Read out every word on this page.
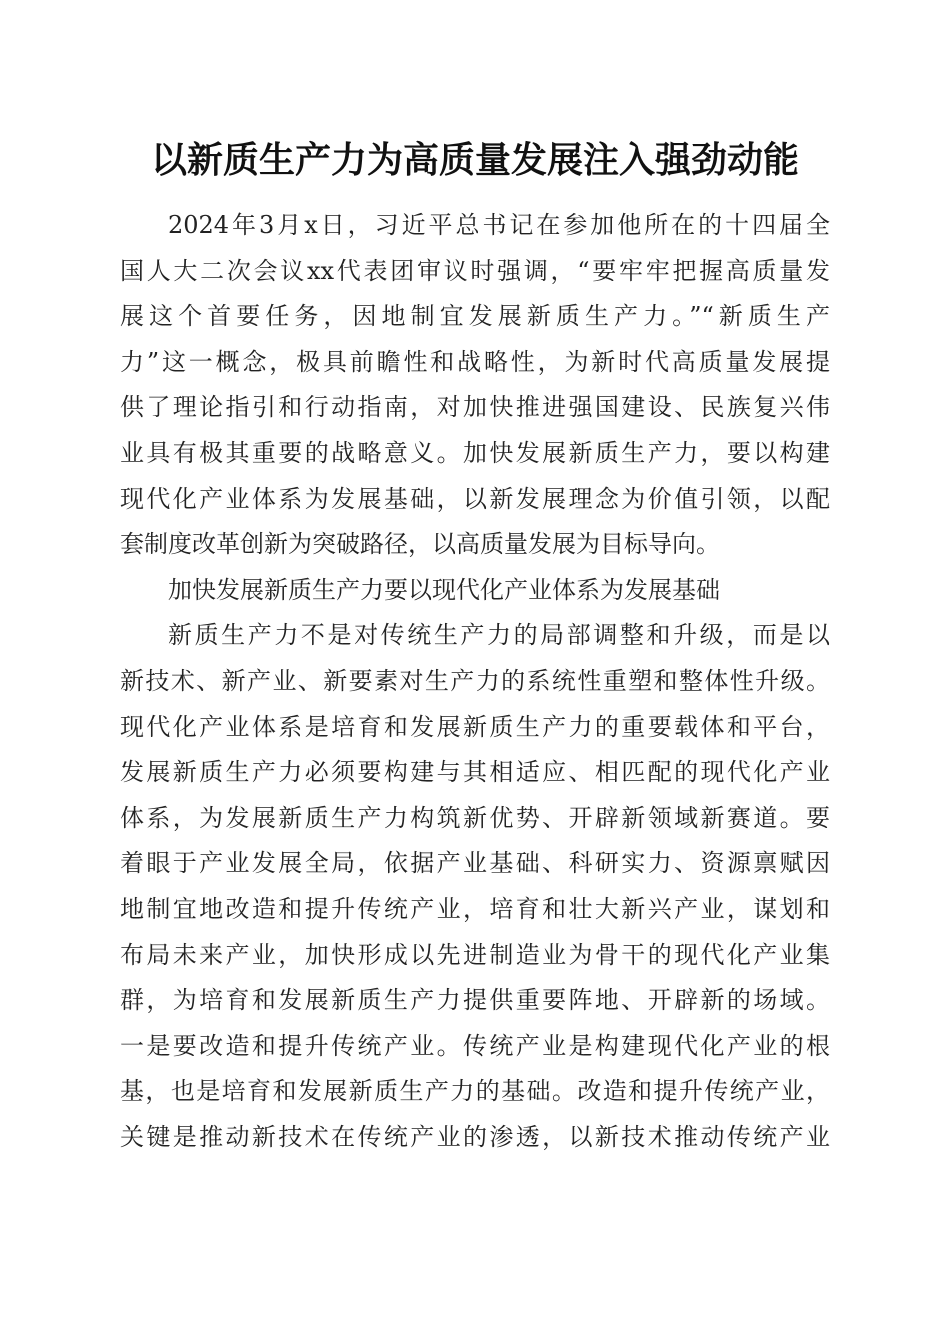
以新质生产力为高质量发展注入强劲动能
2024年3月x日，习近平总书记在参加他所在的十四届全
国人大二次会议xx代表团审议时强调，“要牢牢把握高质量发
展这个首要任务，因地制宜发展新质生产力。”“新质生产
力”这一概念，极具前瞻性和战略性，为新时代高质量发展提
供了理论指引和行动指南，对加快推进强国建设、民族复兴伟
业具有极其重要的战略意义。加快发展新质生产力，要以构建
现代化产业体系为发展基础，以新发展理念为价值引领，以配
套制度改革创新为突破路径，以高质量发展为目标导向。
加快发展新质生产力要以现代化产业体系为发展基础
新质生产力不是对传统生产力的局部调整和升级，而是以
新技术、新产业、新要素对生产力的系统性重塑和整体性升级。
现代化产业体系是培育和发展新质生产力的重要载体和平台，
发展新质生产力必须要构建与其相适应、相匹配的现代化产业
体系，为发展新质生产力构筑新优势、开辟新领域新赛道。要
着眼于产业发展全局，依据产业基础、科研实力、资源禀赋因
地制宜地改造和提升传统产业，培育和壮大新兴产业，谋划和
布局未来产业，加快形成以先进制造业为骨干的现代化产业集
群，为培育和发展新质生产力提供重要阵地、开辟新的场域。
一是要改造和提升传统产业。传统产业是构建现代化产业的根
基，也是培育和发展新质生产力的基础。改造和提升传统产业，
关键是推动新技术在传统产业的渗透，以新技术推动传统产业
